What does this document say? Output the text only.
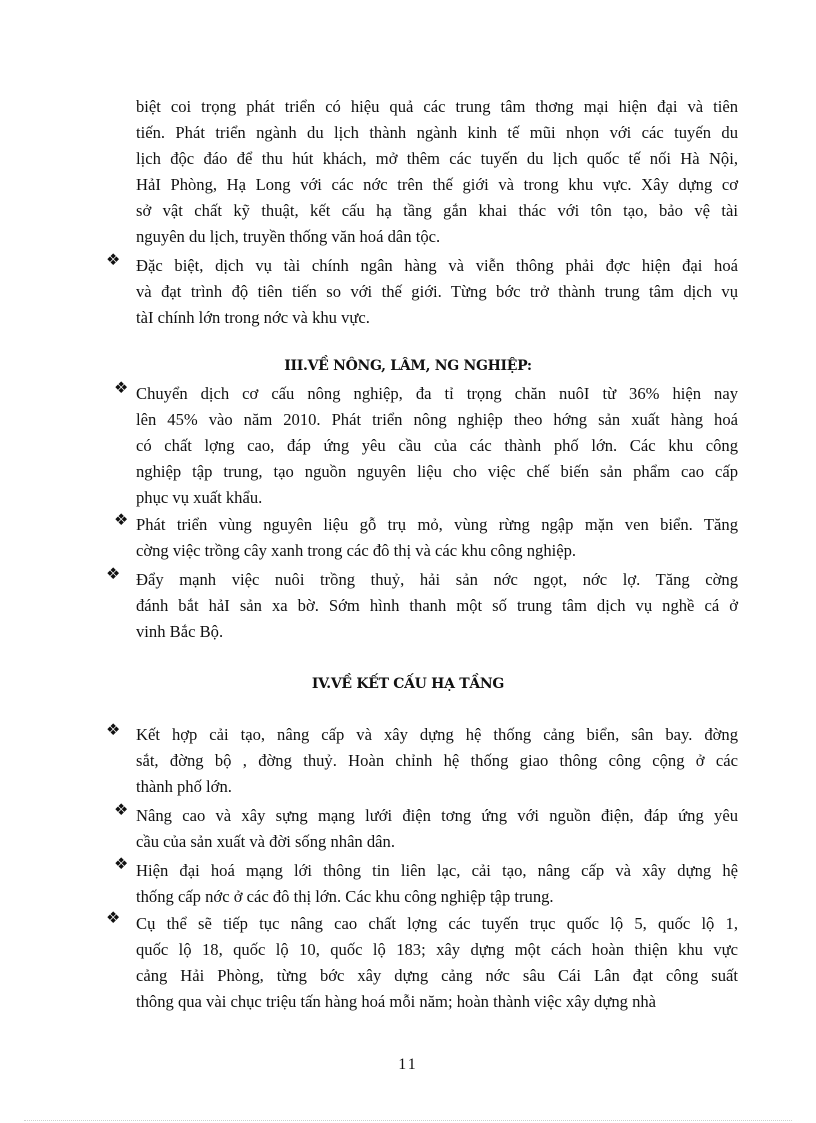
biệt coi trọng phát triển có hiệu quả các trung tâm thơng mại hiện đại và tiên
tiến. Phát triển ngành du lịch thành ngành kinh tế mũi nhọn với các tuyến du
lịch độc đáo để thu hút khách, mở thêm các tuyến du lịch quốc tế nối Hà Nội,
HảI Phòng, Hạ Long với các nớc trên thế giới và trong khu vực. Xây dựng cơ
sở vật chất kỹ thuật, kết cấu hạ tầng gắn khai thác với tôn tạo, bảo vệ tài
nguyên du lịch, truyền thống văn hoá dân tộc.
❖ Đặc biệt, dịch vụ tài chính ngân hàng và viễn thông phải đợc hiện đại hoá
và đạt trình độ tiên tiến so với thế giới. Từng bớc trở thành trung tâm dịch vụ
tàI chính lớn trong nớc và khu vực.
III.VỀ NÔNG, LÂM, NG NGHIỆP:
❖ Chuyển dịch cơ cấu nông nghiệp, đa tỉ trọng chăn nuôI từ 36% hiện nay
lên 45% vào năm 2010. Phát triển nông nghiệp theo hớng sản xuất hàng hoá
có chất lợng cao, đáp ứng yêu cầu của các thành phố lớn. Các khu công
nghiệp tập trung, tạo nguồn nguyên liệu cho việc chế biến sản phẩm cao cấp
phục vụ xuất khẩu.
❖ Phát triển vùng nguyên liệu gỗ trụ mỏ, vùng rừng ngập mặn ven biển. Tăng
cờng việc trồng cây xanh trong các đô thị và các khu công nghiệp.
❖ Đẩy mạnh việc nuôi trồng thuỷ, hải sản nớc ngọt, nớc lợ. Tăng cờng
đánh bắt hảI sản xa bờ. Sớm hình thanh một số trung tâm dịch vụ nghề cá ở
vinh Bắc Bộ.
IV.VỀ KẾT CẤU HẠ TẦNG
❖ Kết hợp cải tạo, nâng cấp và xây dựng hệ thống cảng biển, sân bay. đờng
sắt, đờng bộ , đờng thuỷ. Hoàn chỉnh hệ thống giao thông công cộng ở các
thành phố lớn.
❖ Nâng cao và xây sựng mạng lưới điện tơng ứng với nguồn điện, đáp ứng yêu
cầu của sản xuất và đời sống nhân dân.
❖ Hiện đại hoá mạng lới thông tin liên lạc, cải tạo, nâng cấp và xây dựng hệ
thống cấp nớc ở các đô thị lớn. Các khu công nghiệp tập trung.
❖ Cụ thể sẽ tiếp tục nâng cao chất lợng các tuyến trục quốc lộ 5, quốc lộ 1,
quốc lộ 18, quốc lộ 10, quốc lộ 183; xây dựng một cách hoàn thiện khu vực
cảng Hải Phòng, từng bớc xây dựng cảng nớc sâu Cái Lân đạt công suất
thông qua vài chục triệu tấn hàng hoá mỗi năm; hoàn thành việc xây dựng nhà
11
